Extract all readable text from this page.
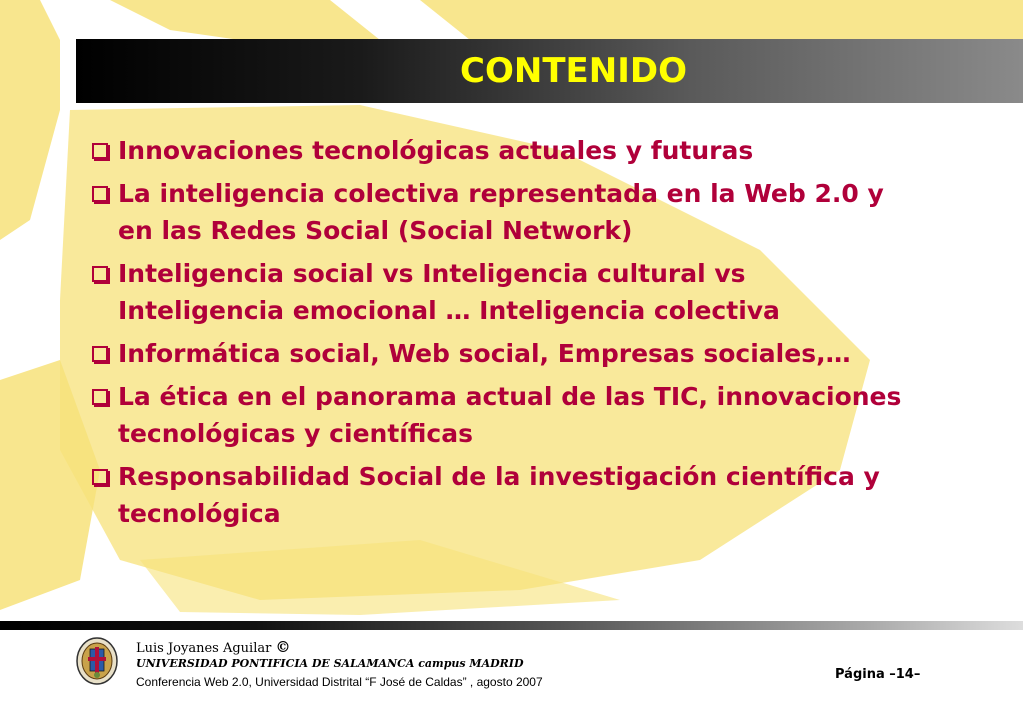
CONTENIDO
Innovaciones tecnológicas actuales y futuras
La inteligencia colectiva representada en la Web 2.0 y en las Redes Social (Social Network)
Inteligencia social vs Inteligencia cultural vs Inteligencia emocional … Inteligencia colectiva
Informática social, Web social, Empresas sociales,…
La ética en el panorama actual de las TIC, innovaciones tecnológicas y científicas
Responsabilidad Social de la investigación científica y tecnológica
Luis Joyanes Aguilar ©
UNIVERSIDAD PONTIFICIA DE SALAMANCA campus MADRID
Conferencia Web 2.0, Universidad Distrital “F José de Caldas” , agosto 2007	Página –14–
